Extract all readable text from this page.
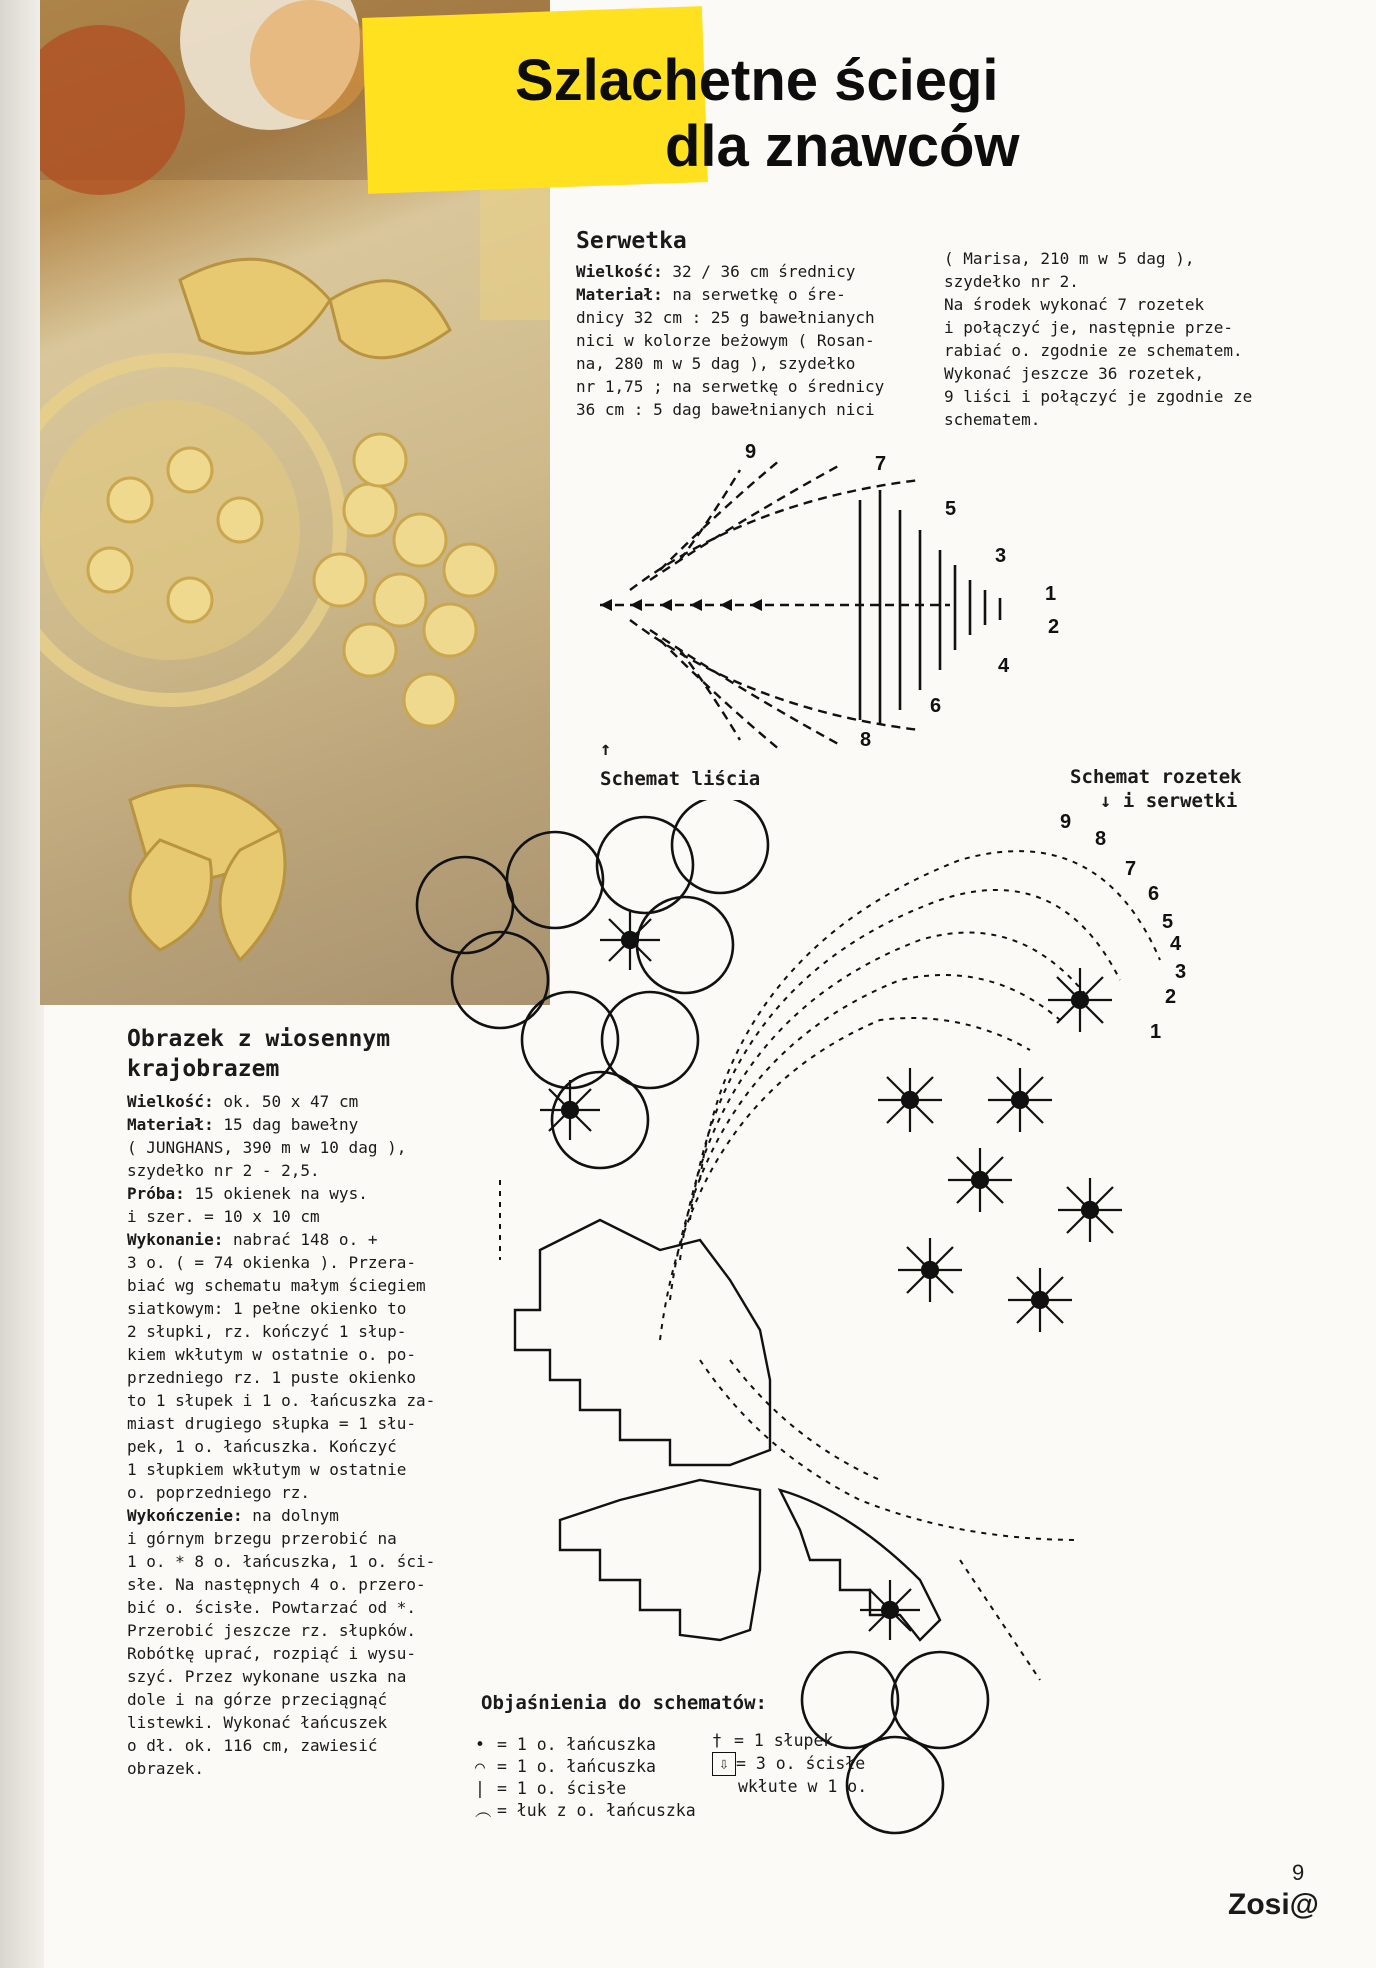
Szlachetne ściegi
dla znawców
Serwetka
Wielkość: 32 / 36 cm średnicy
Materiał: na serwetkę o śre-
dnicy 32 cm : 25 g bawełnianych
nici w kolorze beżowym ( Rosan-
na, 280 m w 5 dag ), szydełko
nr 1,75 ; na serwetkę o średnicy
36 cm : 5 dag bawełnianych nici
( Marisa, 210 m w 5 dag ),
szydełko nr 2.
Na środek wykonać 7 rozetek
i połączyć je, następnie prze-
rabiać o. zgodnie ze schematem.
Wykonać jeszcze 36 rozetek,
9 liści i połączyć je zgodnie ze
schematem.
9
7
5
3
1
2
4
6
8
↑
Schemat liścia	Schemat rozetek
↓ i serwetki
9
8
7
6
5
4
3
2
1
Obrazek z wiosennym
krajobrazem
Wielkość: ok. 50 x 47 cm
Materiał: 15 dag bawełny
( JUNGHANS, 390 m w 10 dag ),
szydełko nr 2 - 2,5.
Próba: 15 okienek na wys.
i szer. = 10 x 10 cm
Wykonanie: nabrać 148 o. +
3 o. ( = 74 okienka ). Przera-
biać wg schematu małym ściegiem
siatkowym: 1 pełne okienko to
2 słupki, rz. kończyć 1 słup-
kiem wkłutym w ostatnie o. po-
przedniego rz. 1 puste okienko
to 1 słupek i 1 o. łańcuszka za-
miast drugiego słupka = 1 słu-
pek, 1 o. łańcuszka. Kończyć
1 słupkiem wkłutym w ostatnie
o. poprzedniego rz.
Wykończenie: na dolnym
i górnym brzegu przerobić na
1 o. * 8 o. łańcuszka, 1 o. ści-
słe. Na następnych 4 o. przero-
bić o. ścisłe. Powtarzać od *.
Przerobić jeszcze rz. słupków.
Robótkę uprać, rozpiąć i wysu-
szyć. Przez wykonane uszka na
dole i na górze przeciągnąć
listewki. Wykonać łańcuszek
o dł. ok. 116 cm, zawiesić
obrazek.
Objaśnienia do schematów:
• = 1 o. łańcuszka
⌒ = 1 o. łańcuszka
| = 1 o. ścisłe
︵ = łuk z o. łańcuszka
† = 1 słupek
⇩ = 3 o. ścisłe
wkłute w 1 o.
9
Zosi@
